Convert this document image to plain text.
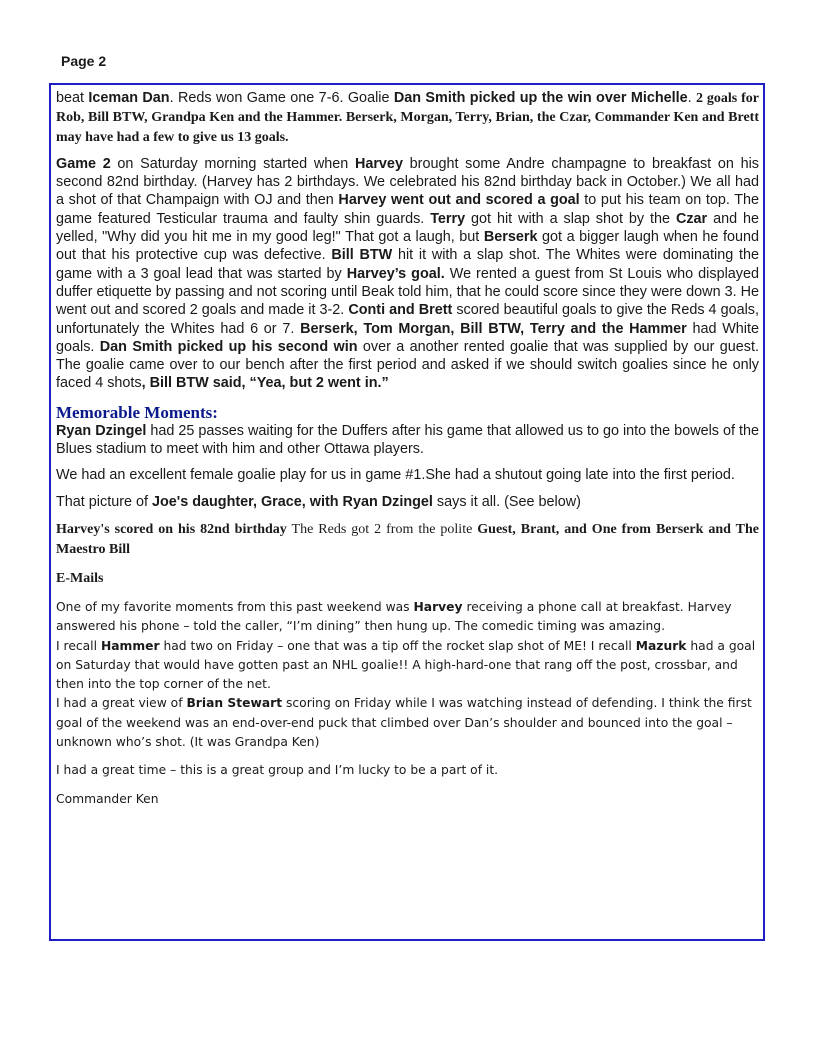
Page 2

beat Iceman Dan. Reds won Game one 7-6. Goalie Dan Smith picked up the win over Michelle. 2 goals for Rob, Bill BTW, Grandpa Ken and the Hammer. Berserk, Morgan, Terry, Brian, the Czar, Commander Ken and Brett may have had a few to give us 13 goals.

Game 2 on Saturday morning started when Harvey brought some Andre champagne to breakfast on his second 82nd birthday. (Harvey has 2 birthdays. We celebrated his 82nd birthday back in October.) We all had a shot of that Champaign with OJ and then Harvey went out and scored a goal to put his team on top. The game featured Testicular trauma and faulty shin guards. Terry got hit with a slap shot by the Czar and he yelled, "Why did you hit me in my good leg!" That got a laugh, but Berserk got a bigger laugh when he found out that his protective cup was defective. Bill BTW hit it with a slap shot. The Whites were dominating the game with a 3 goal lead that was started by Harvey’s goal. We rented a guest from St Louis who displayed duffer etiquette by passing and not scoring until Beak told him, that he could score since they were down 3. He went out and scored 2 goals and made it 3-2. Conti and Brett scored beautiful goals to give the Reds 4 goals, unfortunately the Whites had 6 or 7. Berserk, Tom Morgan, Bill BTW, Terry and the Hammer had White goals. Dan Smith picked up his second win over a another rented goalie that was supplied by our guest. The goalie came over to our bench after the first period and asked if we should switch goalies since he only faced 4 shots, Bill BTW said, “Yea, but 2 went in.”

Memorable Moments:

Ryan Dzingel had 25 passes waiting for the Duffers after his game that allowed us to go into the bowels of the Blues stadium to meet with him and other Ottawa players.

We had an excellent female goalie play for us in game #1.She had a shutout going late into the first period.

That picture of Joe's daughter, Grace, with Ryan Dzingel says it all. (See below)

Harvey's scored on his 82nd birthday The Reds got 2 from the polite Guest, Brant, and One from Berserk and The Maestro Bill

E-Mails

One of my favorite moments from this past weekend was Harvey receiving a phone call at breakfast. Harvey answered his phone – told the caller, “I’m dining” then hung up. The comedic timing was amazing.

I recall Hammer had two on Friday – one that was a tip off the rocket slap shot of ME! I recall Mazurk had a goal on Saturday that would have gotten past an NHL goalie!! A high-hard-one that rang off the post, crossbar, and then into the top corner of the net.

I had a great view of Brian Stewart scoring on Friday while I was watching instead of defending. I think the first goal of the weekend was an end-over-end puck that climbed over Dan’s shoulder and bounced into the goal – unknown who’s shot. (It was Grandpa Ken)

I had a great time – this is a great group and I’m lucky to be a part of it.

Commander Ken
